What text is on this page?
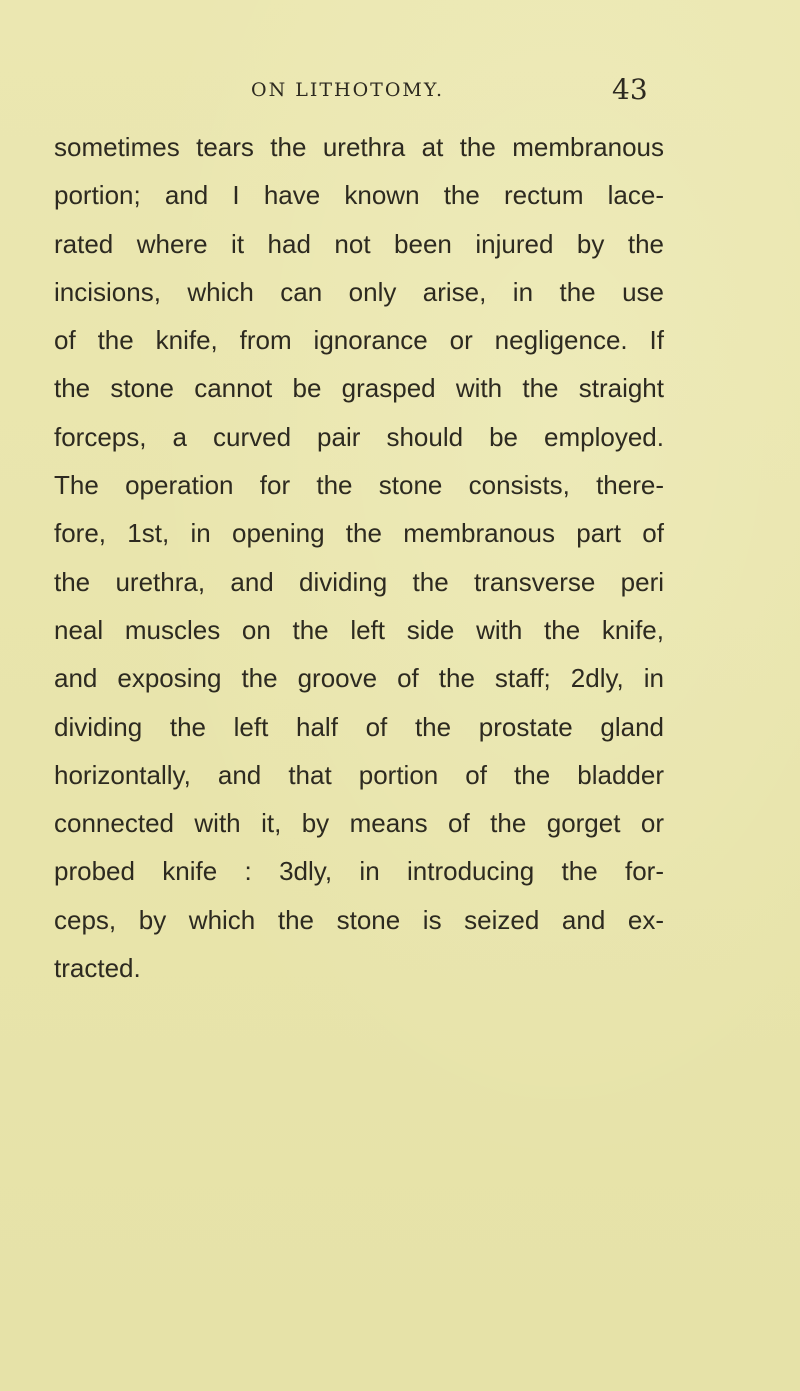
ON LITHOTOMY.	43
sometimes tears the urethra at the membranous
portion; and I have known the rectum lace-
rated where it had not been injured by the
incisions, which can only arise, in the use
of the knife, from ignorance or negligence. If
the stone cannot be grasped with the straight
forceps, a curved pair should be employed.
The operation for the stone consists, there-
fore, 1st, in opening the membranous part of
the urethra, and dividing the transverse peri
neal muscles on the left side with the knife,
and exposing the groove of the staff; 2dly, in
dividing the left half of the prostate gland
horizontally, and that portion of the bladder
connected with it, by means of the gorget or
probed knife : 3dly, in introducing the for-
ceps, by which the stone is seized and ex-
tracted.
